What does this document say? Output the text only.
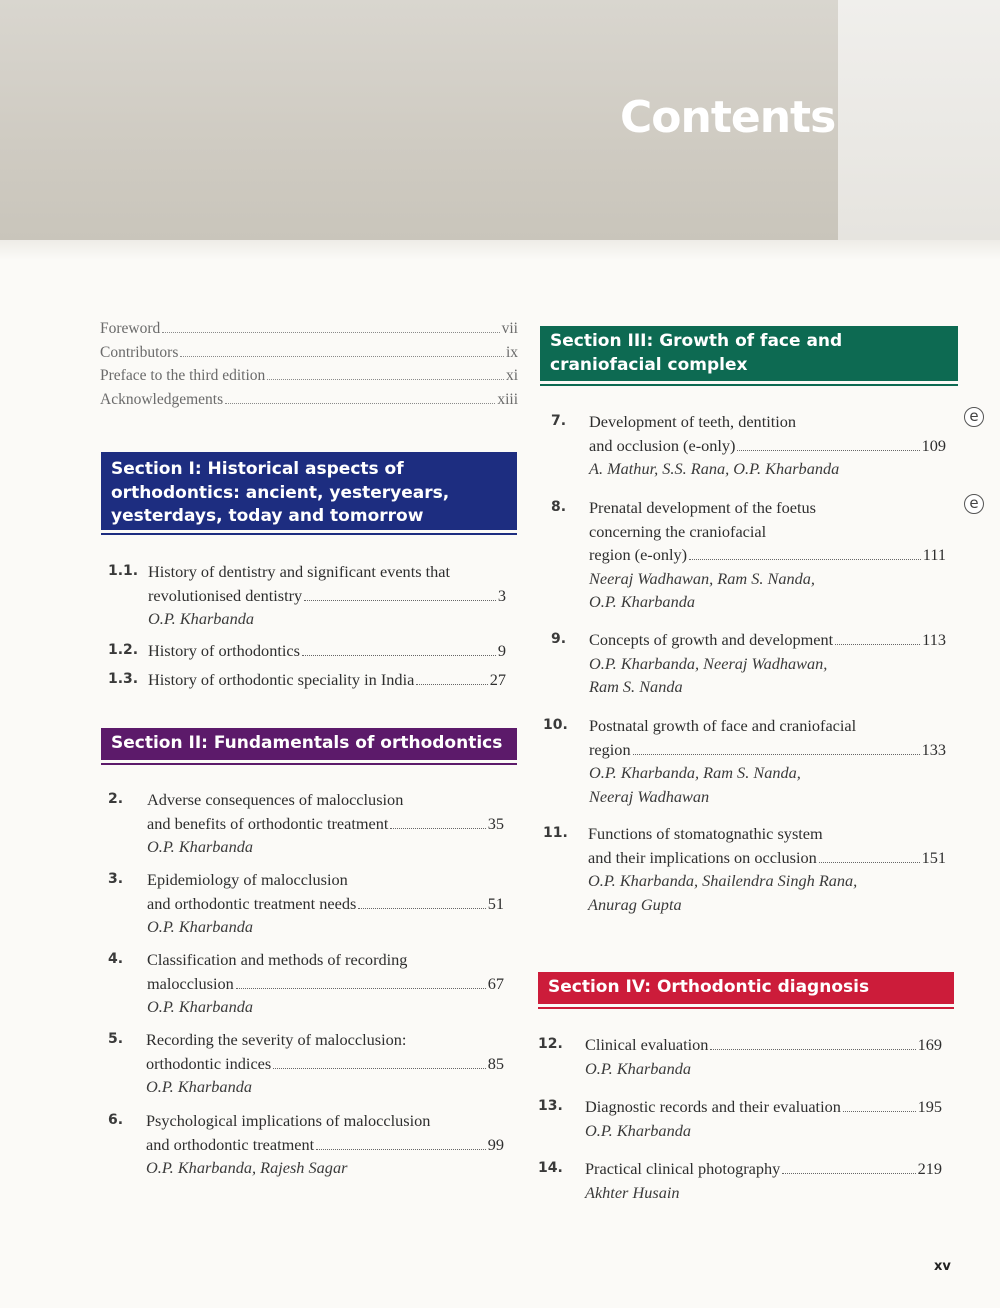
Contents
Foreword	vii
Contributors	ix
Preface to the third edition	xi
Acknowledgements	xiii
Section I: Historical aspects of
orthodontics: ancient, yesteryears,
yesterdays, today and tomorrow
1.1. History of dentistry and significant events that
revolutionised dentistry	3
O.P. Kharbanda
1.2. History of orthodontics	9
1.3. History of orthodontic speciality in India	27
Section II: Fundamentals of orthodontics
2. Adverse consequences of malocclusion
and benefits of orthodontic treatment	35
O.P. Kharbanda
3. Epidemiology of malocclusion
and orthodontic treatment needs	51
O.P. Kharbanda
4. Classification and methods of recording
malocclusion	67
O.P. Kharbanda
5. Recording the severity of malocclusion:
orthodontic indices	85
O.P. Kharbanda
6. Psychological implications of malocclusion
and orthodontic treatment	99
O.P. Kharbanda, Rajesh Sagar
Section III: Growth of face and
craniofacial complex
7. Development of teeth, dentition
and occlusion (e-only)	109
A. Mathur, S.S. Rana, O.P. Kharbanda
e
8. Prenatal development of the foetus
concerning the craniofacial
region (e-only)	111
Neeraj Wadhawan, Ram S. Nanda,
O.P. Kharbanda
e
9. Concepts of growth and development	113
O.P. Kharbanda, Neeraj Wadhawan,
Ram S. Nanda
10. Postnatal growth of face and craniofacial
region	133
O.P. Kharbanda, Ram S. Nanda,
Neeraj Wadhawan
11. Functions of stomatognathic system
and their implications on occlusion	151
O.P. Kharbanda, Shailendra Singh Rana,
Anurag Gupta
Section IV: Orthodontic diagnosis
12. Clinical evaluation	169
O.P. Kharbanda
13. Diagnostic records and their evaluation	195
O.P. Kharbanda
14. Practical clinical photography	219
Akhter Husain
xv
